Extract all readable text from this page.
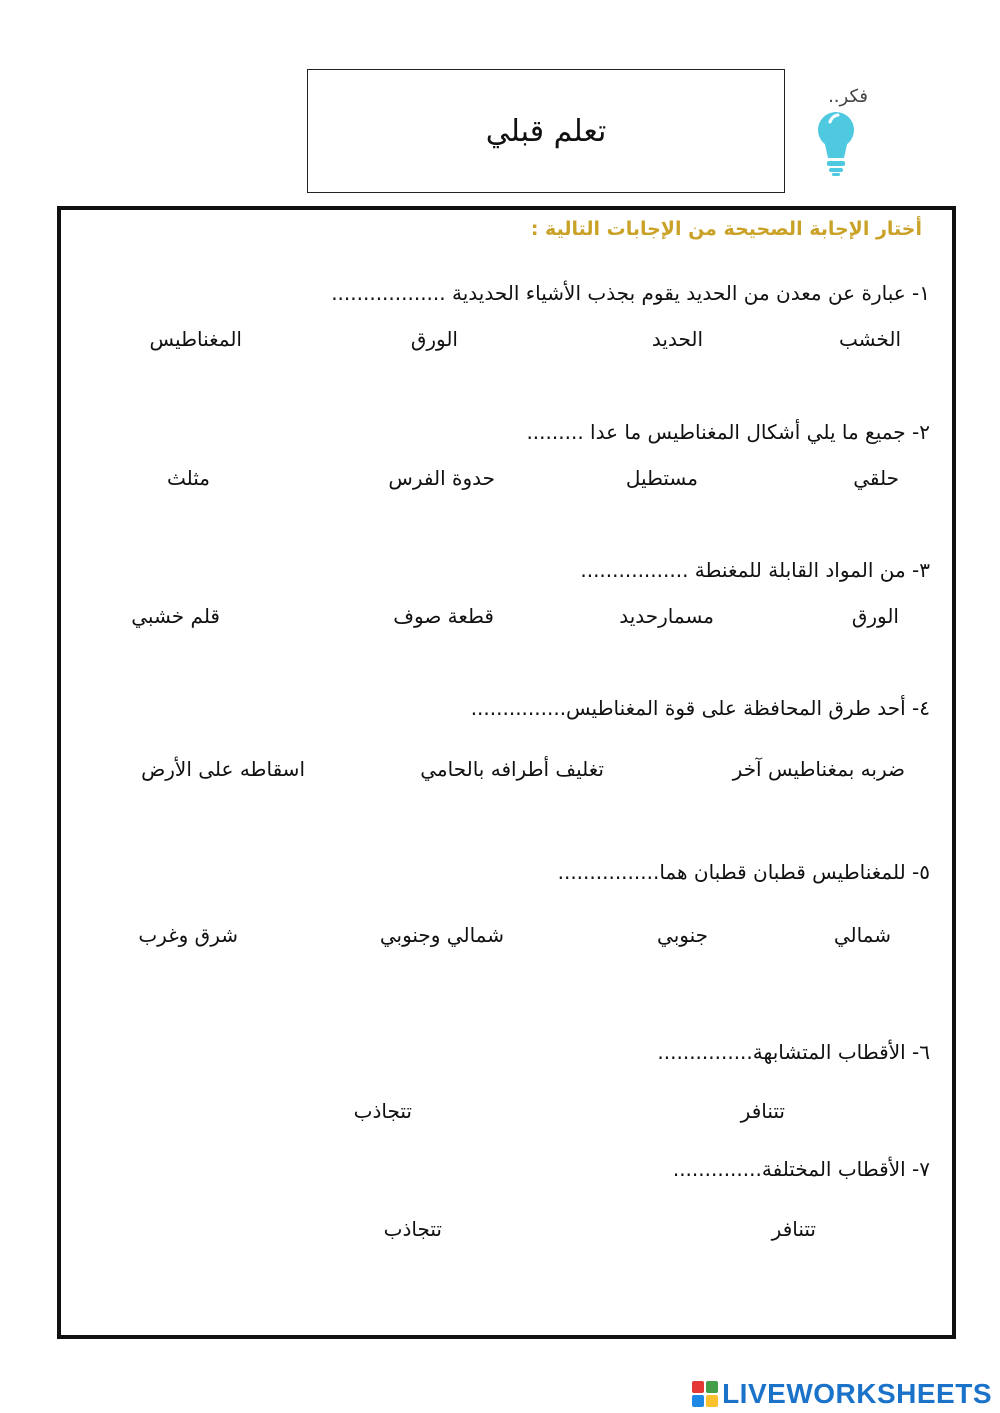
تعلم قبلي
فكر..
أختار الإجابة الصحيحة من الإجابات التالية :
١- عبارة عن معدن من الحديد يقوم بجذب الأشياء الحديدية ..................
الخشب
الحديد
الورق
المغناطيس
٢- جميع ما يلي أشكال المغناطيس ما عدا .........
حلقي
مستطيل
حدوة الفرس
مثلث
٣- من المواد القابلة للمغنطة .................
الورق
مسمارحديد
قطعة صوف
قلم خشبي
٤- أحد طرق المحافظة على قوة المغناطيس...............
ضربه بمغناطيس آخر
تغليف أطرافه بالحامي
اسقاطه على الأرض
٥- للمغناطيس قطبان قطبان هما................
شمالي
جنوبي
شمالي وجنوبي
شرق وغرب
٦- الأقطاب المتشابهة...............
تتنافر
تتجاذب
٧- الأقطاب المختلفة..............
تتنافر
تتجاذب
LIVEWORKSHEETS
